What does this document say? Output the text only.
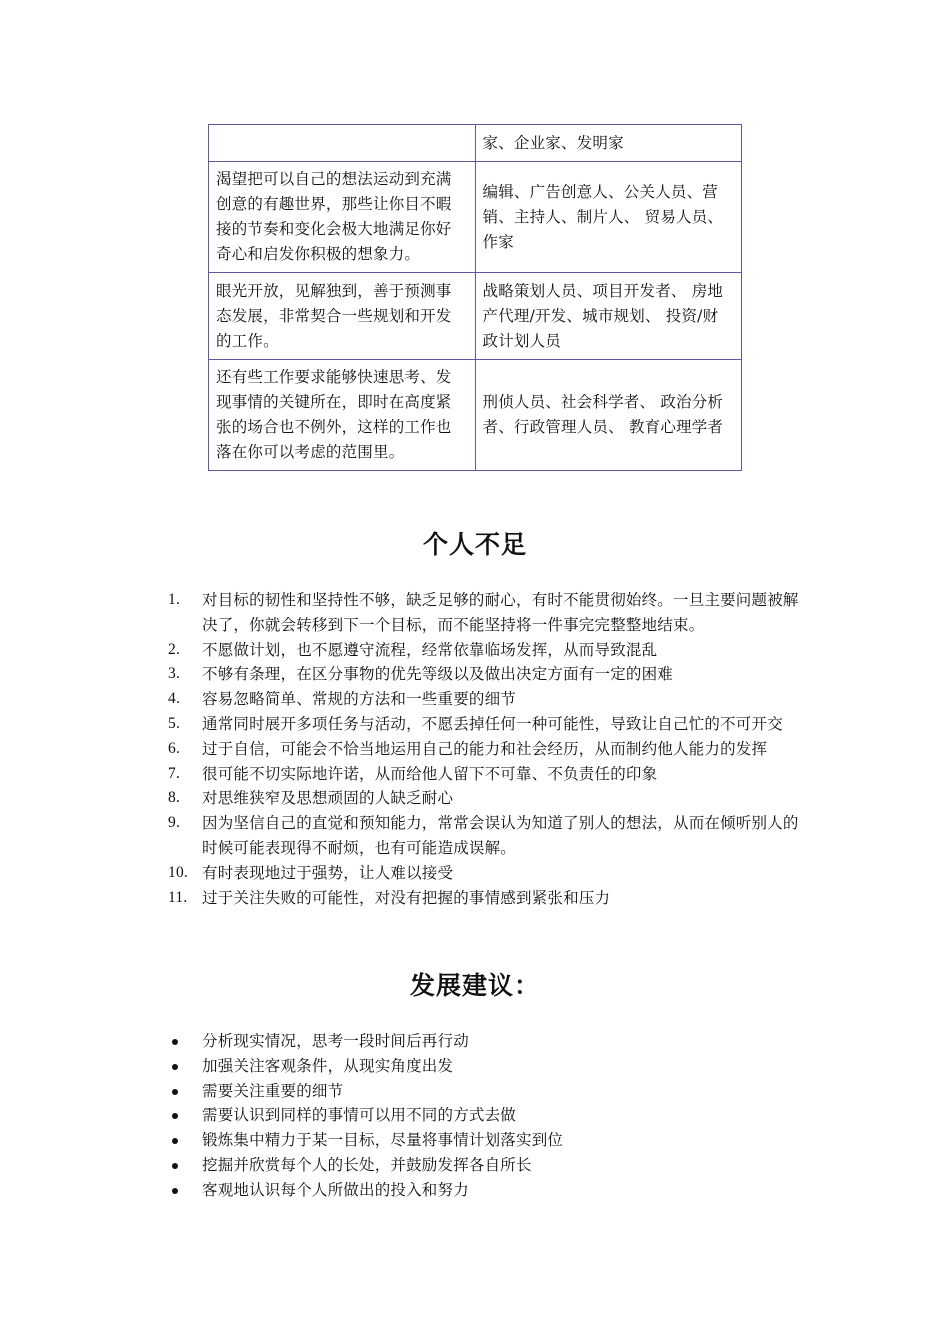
	家、企业家、发明家
渴望把可以自己的想法运动到充满创意的有趣世界，那些让你目不暇接的节奏和变化会极大地满足你好奇心和启发你积极的想象力。	编辑、广告创意人、公关人员、营销、主持人、制片人、 贸易人员、作家
眼光开放，见解独到，善于预测事态发展，非常契合一些规划和开发的工作。	战略策划人员、项目开发者、 房地产代理/开发、城市规划、 投资/财政计划人员
还有些工作要求能够快速思考、发现事情的关键所在，即时在高度紧张的场合也不例外，这样的工作也落在你可以考虑的范围里。	刑侦人员、社会科学者、 政治分析者、行政管理人员、 教育心理学者
个人不足
1.	对目标的韧性和坚持性不够，缺乏足够的耐心，有时不能贯彻始终。一旦主要问题被解决了，你就会转移到下一个目标，而不能坚持将一件事完完整整地结束。
2.	不愿做计划，也不愿遵守流程，经常依靠临场发挥，从而导致混乱
3.	不够有条理，在区分事物的优先等级以及做出决定方面有一定的困难
4.	容易忽略简单、常规的方法和一些重要的细节
5.	通常同时展开多项任务与活动，不愿丢掉任何一种可能性，导致让自己忙的不可开交
6.	过于自信，可能会不恰当地运用自己的能力和社会经历，从而制约他人能力的发挥
7.	很可能不切实际地许诺，从而给他人留下不可靠、不负责任的印象
8.	对思维狭窄及思想顽固的人缺乏耐心
9.	因为坚信自己的直觉和预知能力，常常会误认为知道了别人的想法，从而在倾听别人的时候可能表现得不耐烦，也有可能造成误解。
10. 有时表现地过于强势，让人难以接受
11. 过于关注失败的可能性，对没有把握的事情感到紧张和压力
发展建议：
分析现实情况，思考一段时间后再行动
加强关注客观条件，从现实角度出发
需要关注重要的细节
需要认识到同样的事情可以用不同的方式去做
锻炼集中精力于某一目标，尽量将事情计划落实到位
挖掘并欣赏每个人的长处，并鼓励发挥各自所长
客观地认识每个人所做出的投入和努力
